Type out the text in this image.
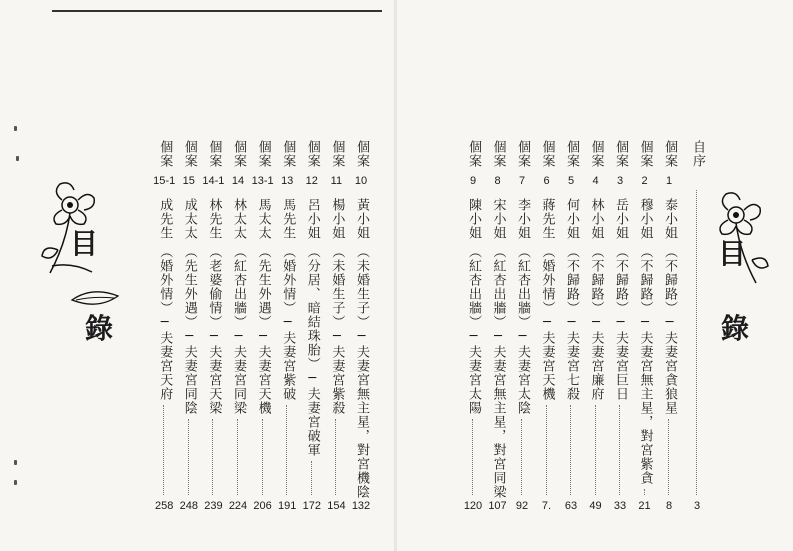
目
錄
個案
10
黃小姐
（未婚生子）─夫妻宮無主星，對宮機陰
132
個案
11
楊小姐
（未婚生子）─夫妻宮紫殺
154
個案
12
呂小姐
（分居、暗結珠胎）─夫妻宮破軍
172
個案
13
馬先生
（婚外情）─夫妻宮紫破
191
個案
13-1
馬太太
（先生外遇）─夫妻宮天機
206
個案
14
林太太
（紅杏出牆）─夫妻宮同梁
224
個案
14-1
林先生
（老婆偷情）─夫妻宮天梁
239
個案
15
成太太
（先生外遇）─夫妻宮同陰
248
個案
15-1
成先生
（婚外情）─夫妻宮天府
258
自序
3
個案
1
泰小姐
（不歸路）─夫妻宮貪狼星
8
個案
2
穆小姐
（不歸路）─夫妻宮無主星，對宮紫貪
21
個案
3
岳小姐
（不歸路）─夫妻宮巨日
33
個案
4
林小姐
（不歸路）─夫妻宮廉府
49
個案
5
何小姐
（不歸路）─夫妻宮七殺
63
個案
6
蔣先生
（婚外情）─夫妻宮天機
7.
個案
7
李小姐
（紅杏出牆）─夫妻宮太陰
92
個案
8
宋小姐
（紅杏出牆）─夫妻宮無主星，對宮同梁
107
個案
9
陳小姐
（紅杏出牆）─夫妻宮太陽
120
目
錄
